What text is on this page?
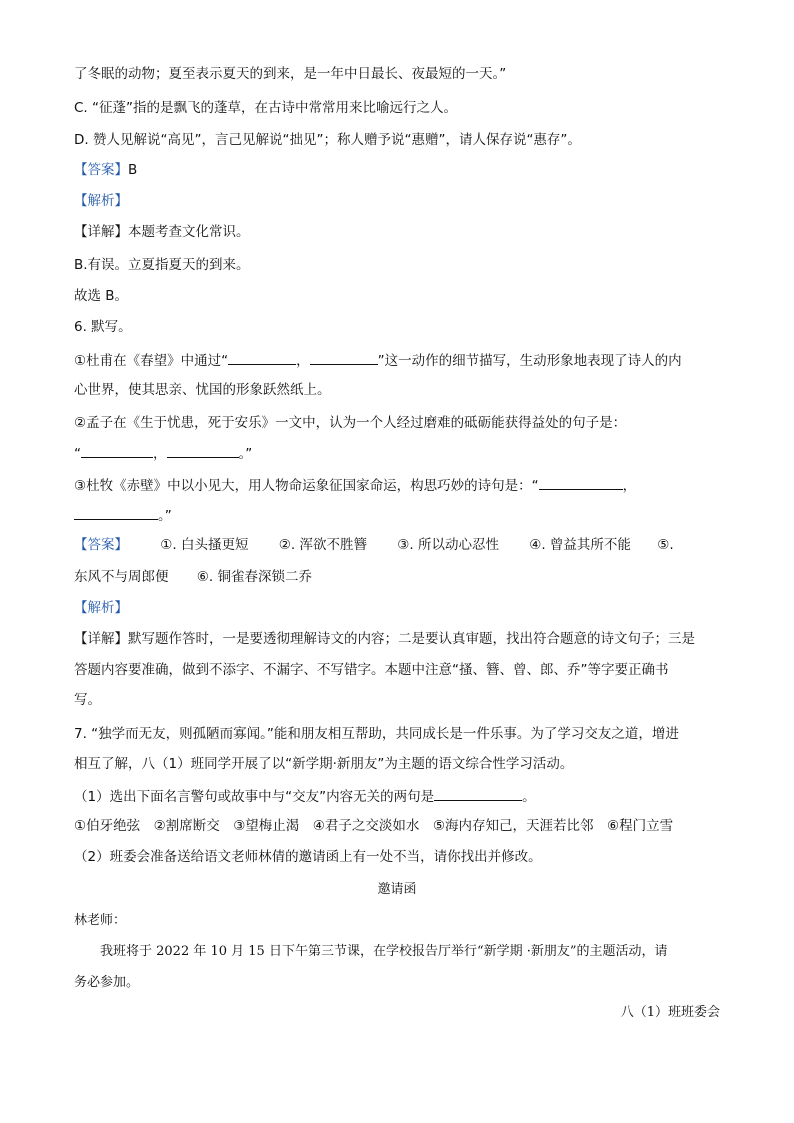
了冬眠的动物；夏至表示夏天的到来，是一年中日最长、夜最短的一天。”
C. “征蓬”指的是飘飞的蓬草，在古诗中常常用来比喻远行之人。
D. 赞人见解说“高见”，言己见解说“拙见”；称人赠予说“惠赠”，请人保存说“惠存”。
【答案】B
【解析】
【详解】本题考查文化常识。
B.有误。立夏指夏天的到来。
故选 B。
6. 默写。
①杜甫在《春望》中通过“	，	”这一动作的细节描写，生动形象地表现了诗人的内
心世界，使其思亲、忧国的形象跃然纸上。
②孟子在《生于忧患，死于安乐》一文中，认为一个人经过磨难的砥砺能获得益处的句子是：
“	，	。”
③杜牧《赤壁》中以小见大，用人物命运象征国家命运，构思巧妙的诗句是：“	，
。”
【答案】 ①. 白头搔更短 ②. 浑欲不胜簪 ③. 所以动心忍性 ④. 曾益其所不能 ⑤.
东风不与周郎便 ⑥. 铜雀春深锁二乔
【解析】
【详解】默写题作答时，一是要透彻理解诗文的内容；二是要认真审题，找出符合题意的诗文句子；三是
答题内容要准确，做到不添字、不漏字、不写错字。本题中注意“搔、簪、曾、郎、乔”等字要正确书
写。
7. “独学而无友，则孤陋而寡闻。”能和朋友相互帮助，共同成长是一件乐事。为了学习交友之道，增进
相互了解，八（1）班同学开展了以“新学期·新朋友”为主题的语文综合性学习活动。
（1）选出下面名言警句或故事中与“交友”内容无关的两句是	。
①伯牙绝弦　②割席断交　③望梅止渴　④君子之交淡如水　⑤海内存知己，天涯若比邻　⑥程门立雪
（2）班委会准备送给语文老师林倩的邀请函上有一处不当，请你找出并修改。
邀请函
林老师：
我班将于 2022 年 10 月 15 日下午第三节课，在学校报告厅举行“新学期 ·新朋友”的主题活动，请
务必参加。
八（1）班班委会
